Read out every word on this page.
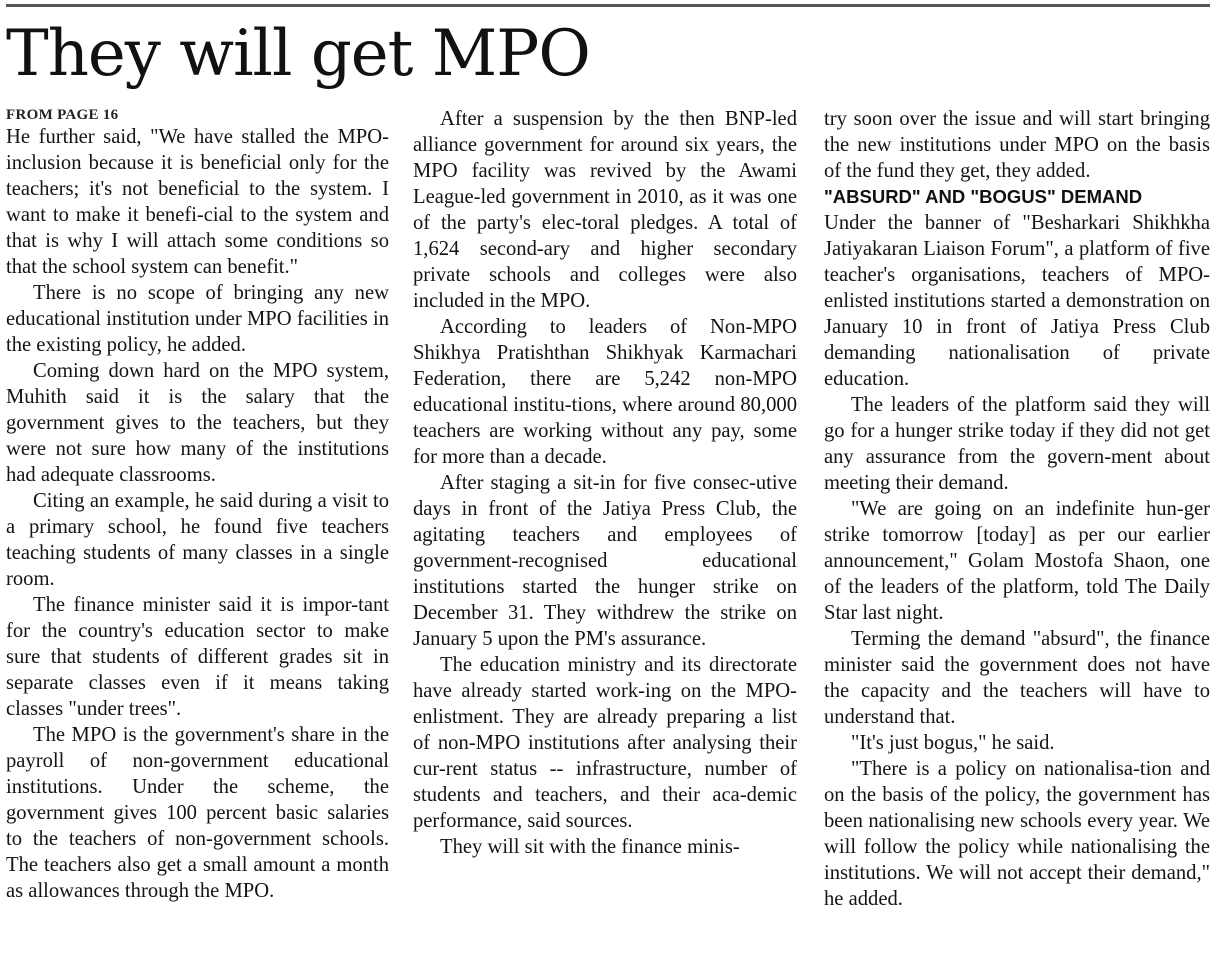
They will get MPO

FROM PAGE 16

He further said, "We have stalled the MPO-inclusion because it is beneficial only for the teachers; it's not beneficial to the system. I want to make it benefi-cial to the system and that is why I will attach some conditions so that the school system can benefit."

There is no scope of bringing any new educational institution under MPO facilities in the existing policy, he added.

Coming down hard on the MPO system, Muhith said it is the salary that the government gives to the teachers, but they were not sure how many of the institutions had adequate classrooms.

Citing an example, he said during a visit to a primary school, he found five teachers teaching students of many classes in a single room.

The finance minister said it is impor-tant for the country's education sector to make sure that students of different grades sit in separate classes even if it means taking classes "under trees".

The MPO is the government's share in the payroll of non-government educational institutions. Under the scheme, the government gives 100 percent basic salaries to the teachers of non-government schools. The teachers also get a small amount a month as allowances through the MPO.

After a suspension by the then BNP-led alliance government for around six years, the MPO facility was revived by the Awami League-led government in 2010, as it was one of the party's elec-toral pledges. A total of 1,624 second-ary and higher secondary private schools and colleges were also included in the MPO.

According to leaders of Non-MPO Shikhya Pratishthan Shikhyak Karmachari Federation, there are 5,242 non-MPO educational institu-tions, where around 80,000 teachers are working without any pay, some for more than a decade.

After staging a sit-in for five consec-utive days in front of the Jatiya Press Club, the agitating teachers and employees of government-recognised educational institutions started the hunger strike on December 31. They withdrew the strike on January 5 upon the PM's assurance.

The education ministry and its directorate have already started work-ing on the MPO-enlistment. They are already preparing a list of non-MPO institutions after analysing their cur-rent status -- infrastructure, number of students and teachers, and their aca-demic performance, said sources.

They will sit with the finance minis-

try soon over the issue and will start bringing the new institutions under MPO on the basis of the fund they get, they added.

"ABSURD" AND "BOGUS" DEMAND

Under the banner of "Besharkari Shikhkha Jatiyakaran Liaison Forum", a platform of five teacher's organisations, teachers of MPO-enlisted institutions started a demonstration on January 10 in front of Jatiya Press Club demanding nationalisation of private education.

The leaders of the platform said they will go for a hunger strike today if they did not get any assurance from the govern-ment about meeting their demand.

"We are going on an indefinite hun-ger strike tomorrow [today] as per our earlier announcement," Golam Mostofa Shaon, one of the leaders of the platform, told The Daily Star last night.

Terming the demand "absurd", the finance minister said the government does not have the capacity and the teachers will have to understand that.

"It's just bogus," he said.

"There is a policy on nationalisa-tion and on the basis of the policy, the government has been nationalising new schools every year. We will follow the policy while nationalising the institutions. We will not accept their demand," he added.
